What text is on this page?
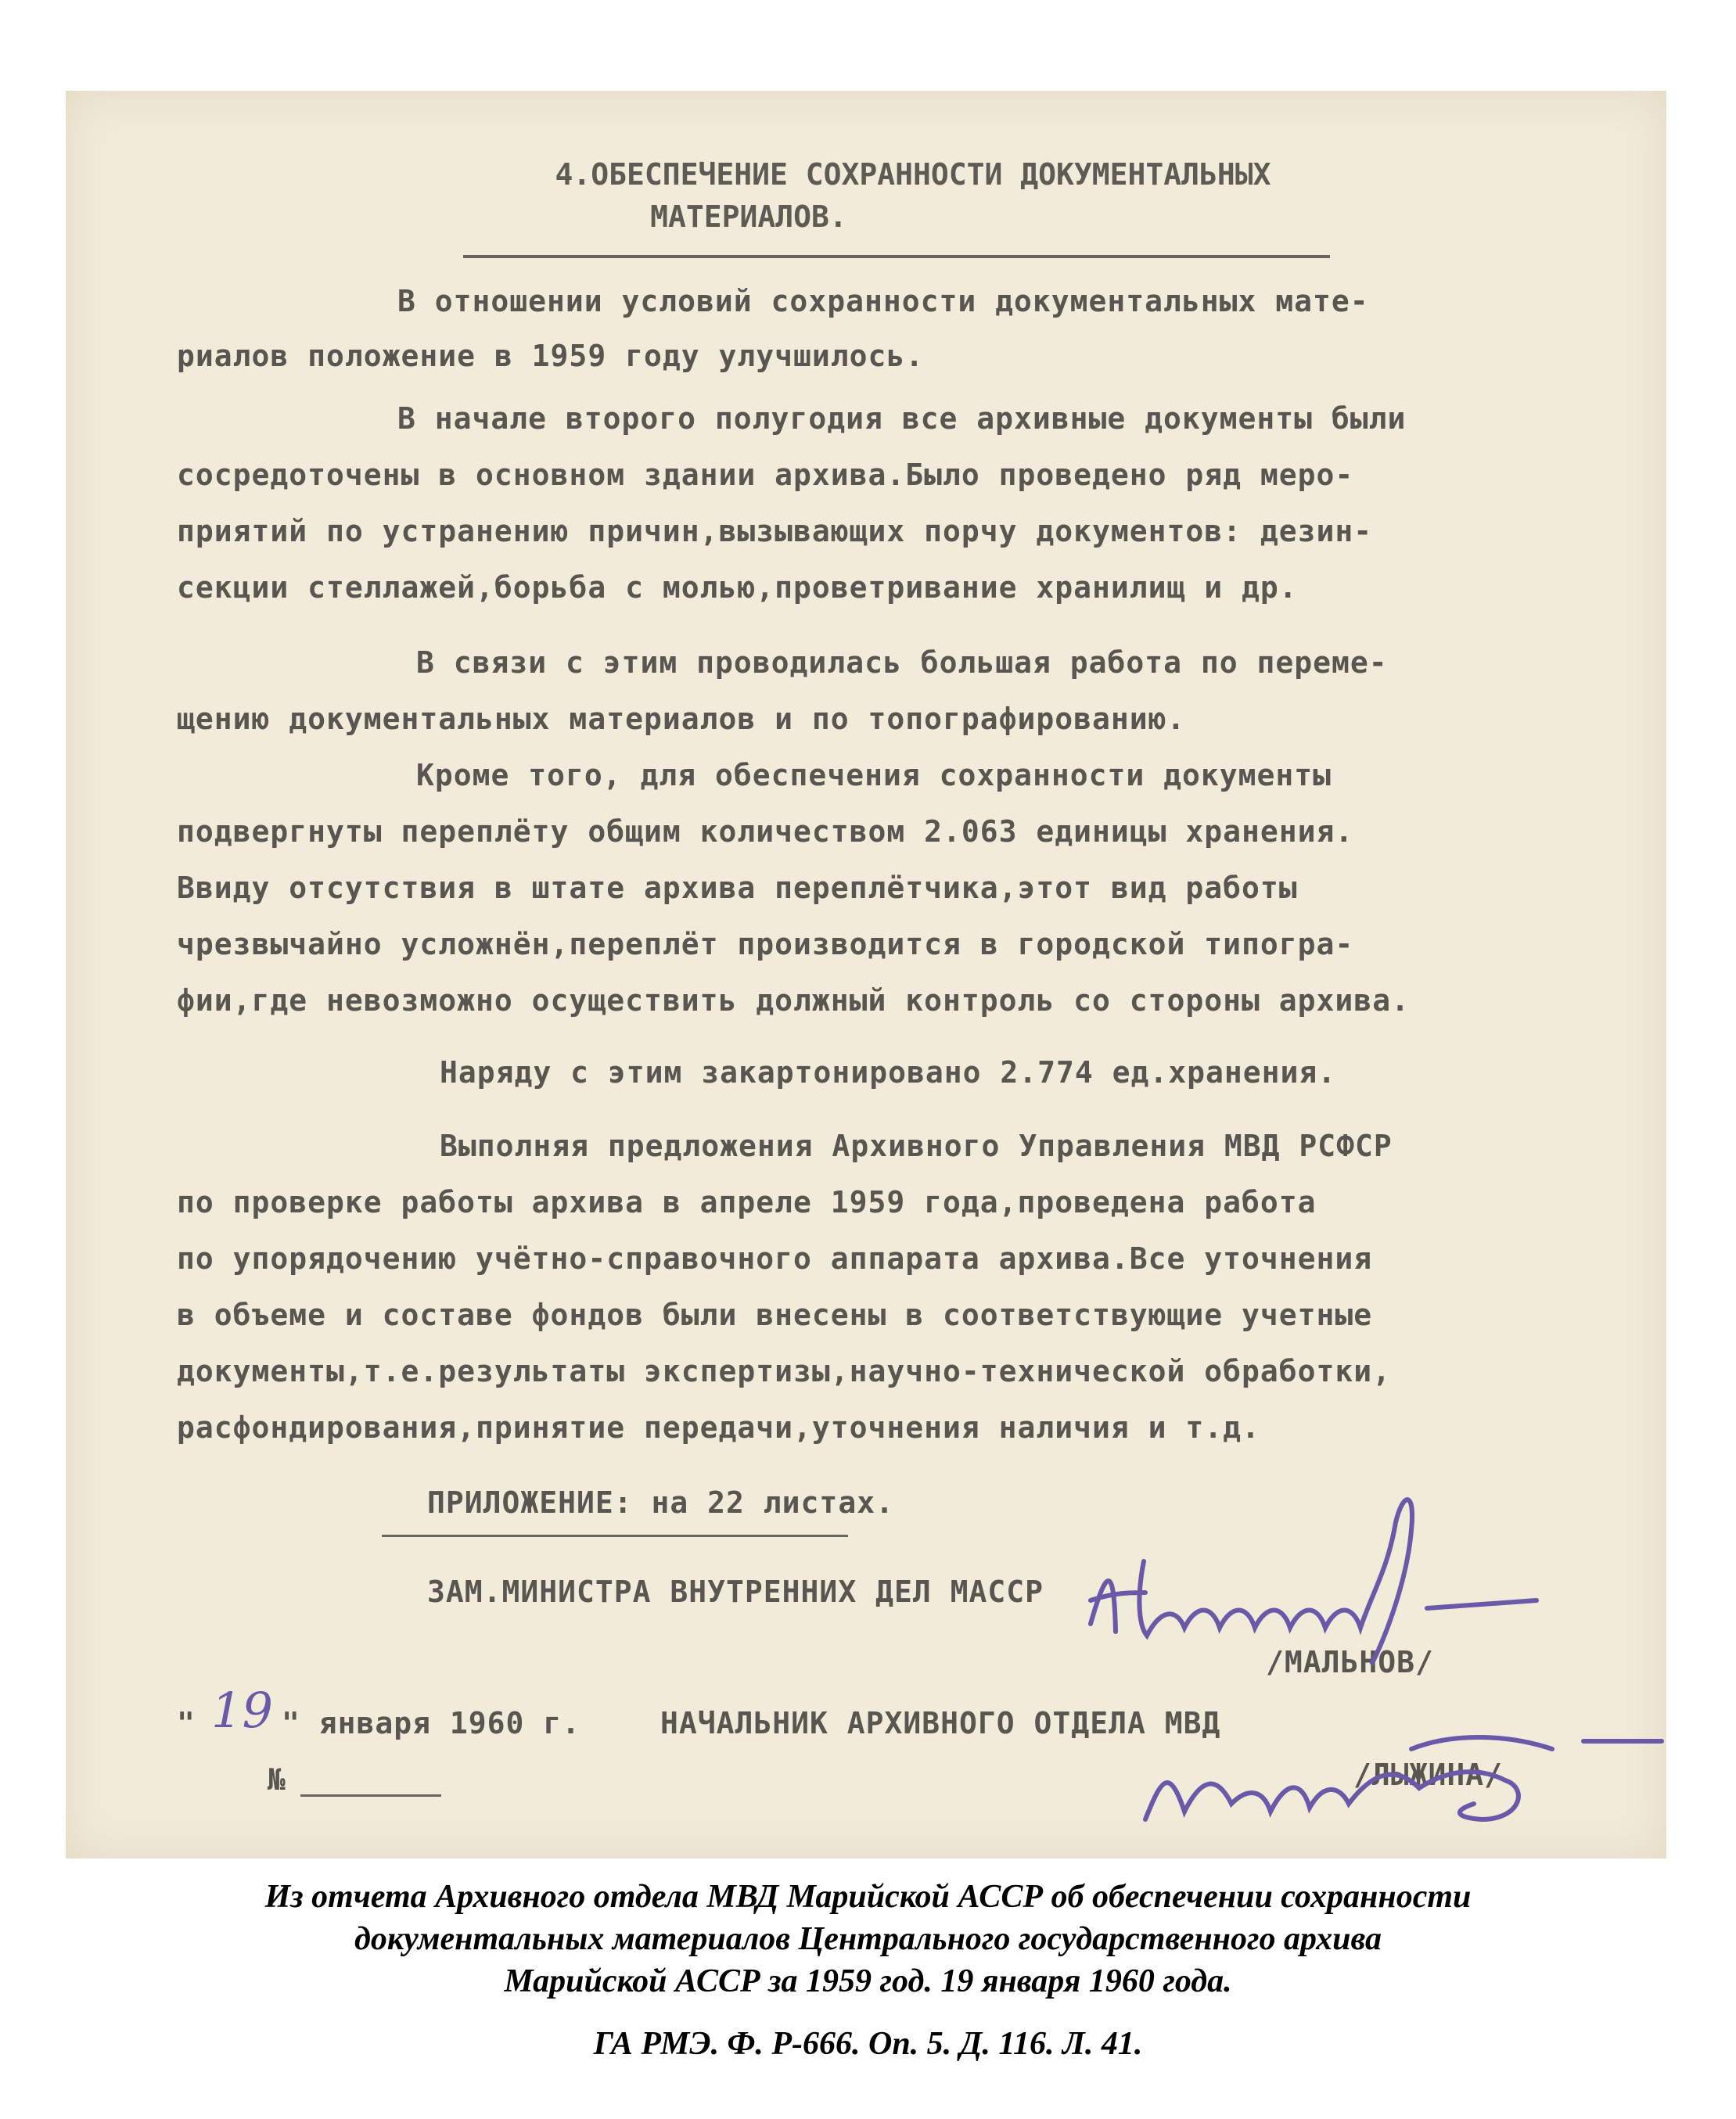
4.ОБЕСПЕЧЕНИЕ СОХРАННОСТИ ДОКУМЕНТАЛЬНЫХ
МАТЕРИАЛОВ.
В отношении условий сохранности документальных мате-
риалов положение в 1959 году улучшилось.
В начале второго полугодия все архивные документы были
сосредоточены в основном здании архива.Было проведено ряд меро-
приятий по устранению причин,вызывающих порчу документов: дезин-
секции стеллажей,борьба с молью,проветривание хранилищ и др.
В связи с этим проводилась большая работа по переме-
щению документальных материалов и по топографированию.
Кроме того, для обеспечения сохранности документы
подвергнуты переплёту общим количеством 2.063 единицы хранения.
Ввиду отсутствия в штате архива переплётчика,этот вид работы
чрезвычайно усложнён,переплёт производится в городской типогра-
фии,где невозможно осуществить должный контроль со стороны архива.
Наряду с этим закартонировано 2.774 ед.хранения.
Выполняя предложения Архивного Управления МВД РСФСР
по проверке работы архива в апреле 1959 года,проведена работа
по упорядочению учётно-справочного аппарата архива.Все уточнения
в объеме и составе фондов были внесены в соответствующие учетные
документы,т.е.результаты экспертизы,научно-технической обработки,
расфондирования,принятие передачи,уточнения наличия и т.д.
ПРИЛОЖЕНИЕ: на 22 листах.
ЗАМ.МИНИСТРА ВНУТРЕННИХ ДЕЛ МАССР
/МАЛЬНОВ/
" 19 " января 1960 г.	НАЧАЛЬНИК АРХИВНОГО ОТДЕЛА МВД
№	/ЛЫЖИНА/
Из отчета Архивного отдела МВД Марийской АССР об обеспечении сохранности
документальных материалов Центрального государственного архива
Марийской АССР за 1959 год. 19 января 1960 года.
ГА РМЭ. Ф. Р-666. Оп. 5. Д. 116. Л. 41.
